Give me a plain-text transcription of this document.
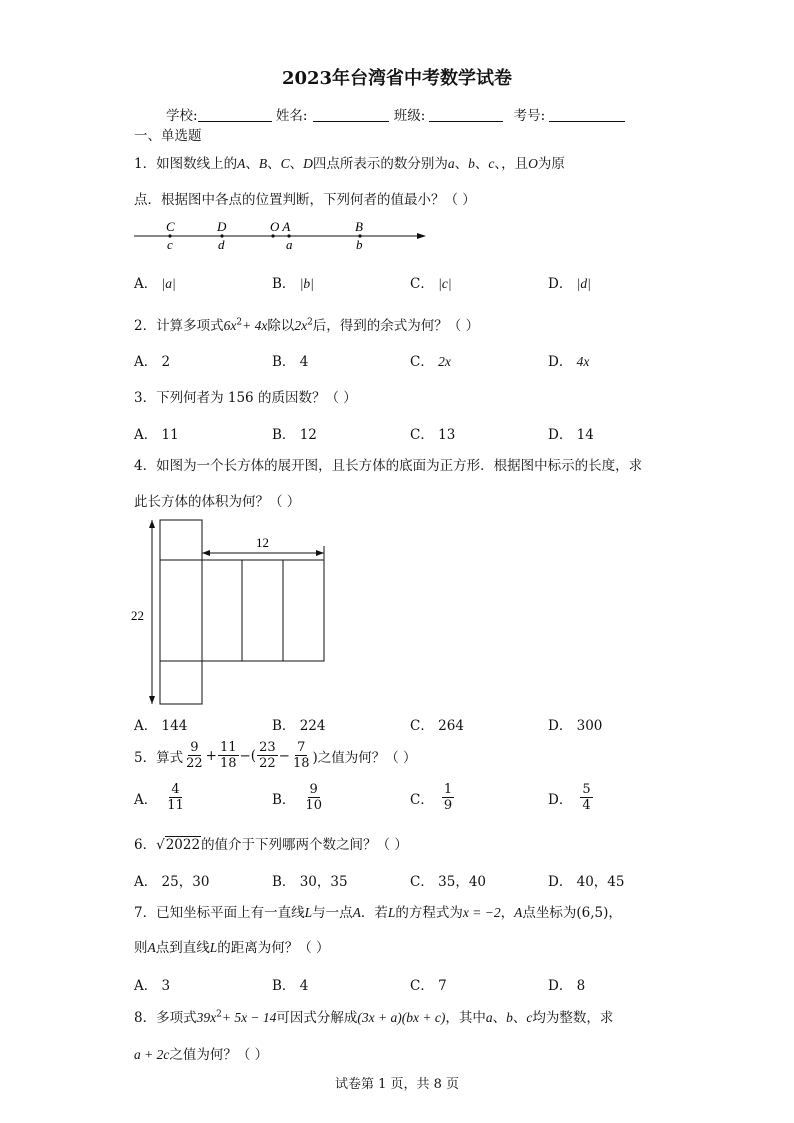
2023年台湾省中考数学试卷
学校:	姓名:	班级:	考号:
一、单选题
1．如图数线上的A、B、C、D四点所表示的数分别为a、b、c、，且O为原
点．根据图中各点的位置判断，下列何者的值最小？（ ）
C
c
D
d
O A
a
B
b
A． |a|	B． |b|	C． |c|	D． |d|
2．计算多项式$6x^2+ 4x$除以$2x^2$后，得到的余式为何？（ ）
A． 2	B． 4	C． 2x	D． 4x
3．下列何者为 156 的质因数？（ ）
A． 11	B． 12	C． 13	D． 14
4．如图为一个长方体的展开图，且长方体的底面为正方形．根据图中标示的长度，求
此长方体的体积为何？（ ）
12
22
A． 144	B． 224	C． 264	D． 300
5．算式 $\frac{9}{22} + \frac{11}{18}$ −( $\frac{23}{22} - \frac{7}{18}$ )之值为何？（ ）
A． $\frac{4}{11}$	B． $\frac{9}{10}$	C． $\frac{1}{9}$	D． $\frac{5}{4}$
6．√2022的值介于下列哪两个数之间？（ ）
A． 25，30	B． 30，35	C． 35，40	D． 40，45
7．已知坐标平面上有一直线L与一点A．若L的方程式为x = −2，A点坐标为(6,5)，
则A点到直线L的距离为何？（ ）
A． 3	B． 4	C． 7	D． 8
8．多项式$39x^2+ 5x - 14$可因式分解成(3x + a)(bx + c)，其中a、b、c均为整数，求
a + 2c之值为何？（ ）
试卷第 1 页，共 8 页
